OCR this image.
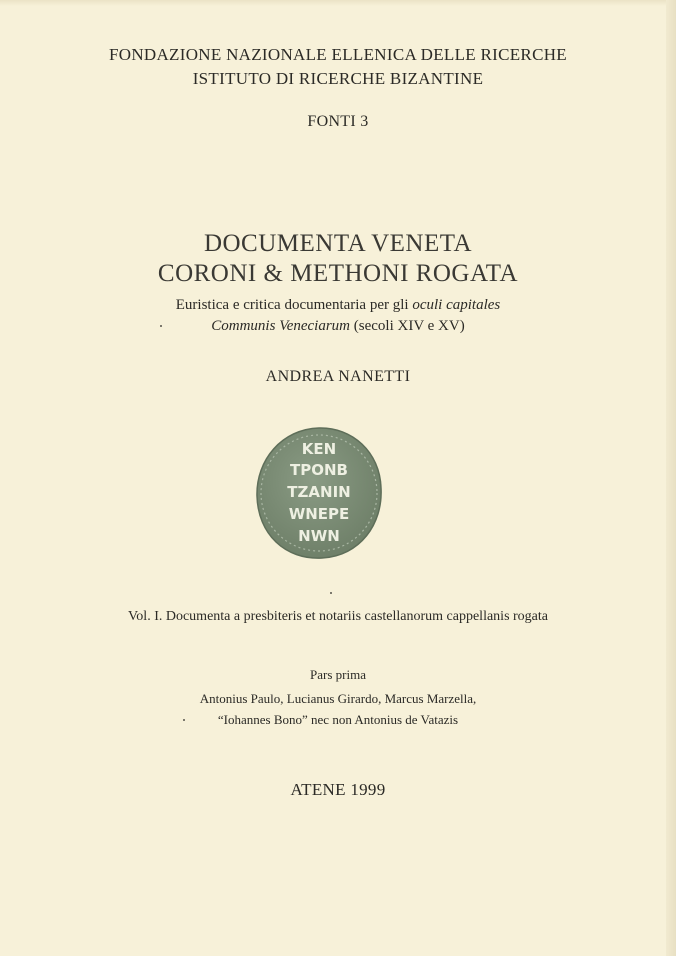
FONDAZIONE NAZIONALE ELLENICA DELLE RICERCHE
ISTITUTO DI RICERCHE BIZANTINE
FONTI 3
DOCUMENTA VENETA
CORONI & METHONI ROGATA
Euristica e critica documentaria per gli oculi capitales
Communis Veneciarum (secoli XIV e XV)
ANDREA NANETTI
KEN
TPONB
TZANIN
WNEPE
NWN
Vol. I. Documenta a presbiteris et notariis castellanorum cappellanis rogata
Pars prima
Antonius Paulo, Lucianus Girardo, Marcus Marzella,
“Iohannes Bono” nec non Antonius de Vatazis
ATENE 1999
